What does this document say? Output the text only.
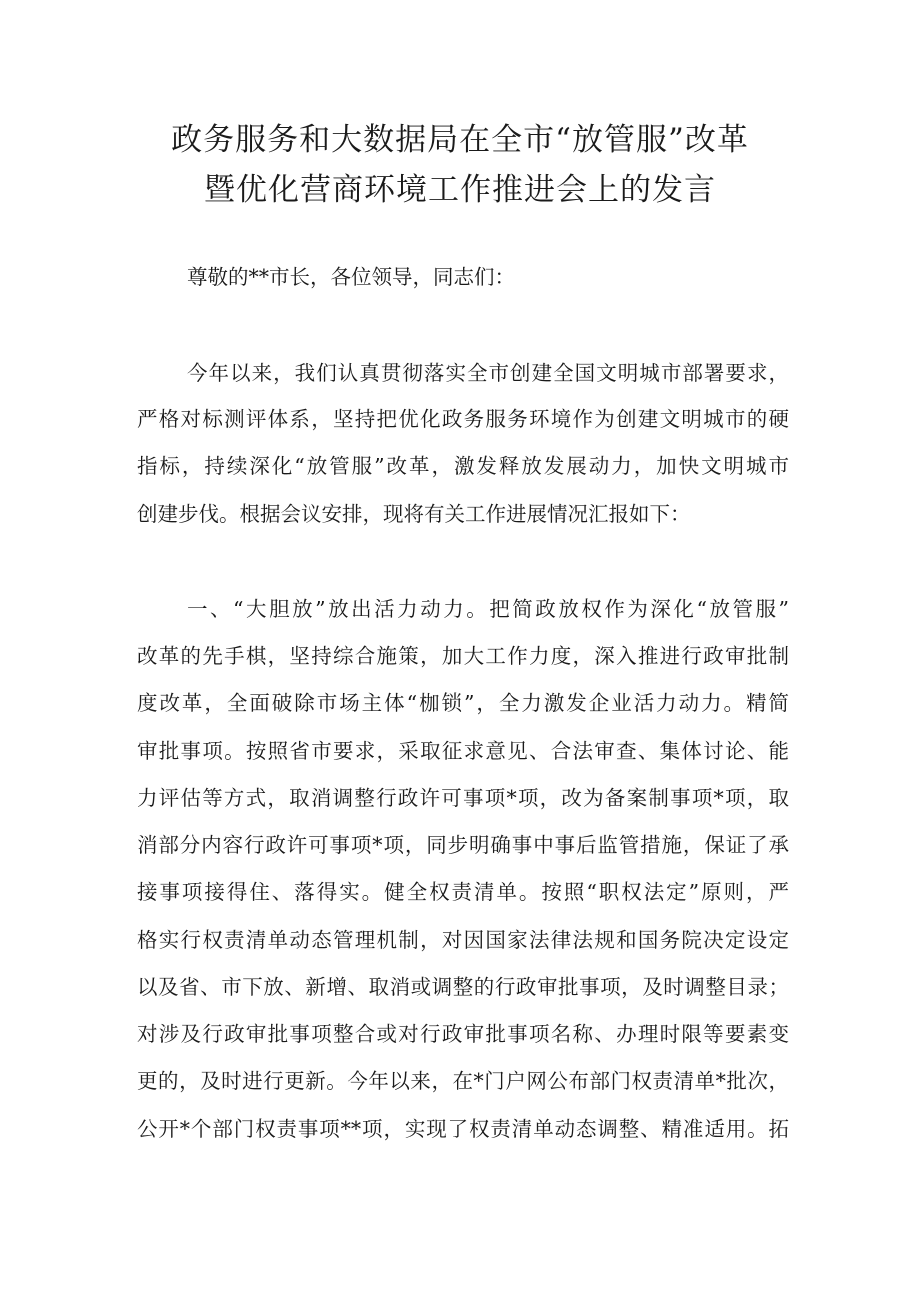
政务服务和大数据局在全市“放管服”改革
暨优化营商环境工作推进会上的发言

尊敬的**市长，各位领导，同志们：

今年以来，我们认真贯彻落实全市创建全国文明城市部署要求，

严格对标测评体系，坚持把优化政务服务环境作为创建文明城市的硬

指标，持续深化“放管服”改革，激发释放发展动力，加快文明城市

创建步伐。根据会议安排，现将有关工作进展情况汇报如下：

一、“大胆放”放出活力动力。把简政放权作为深化“放管服”

改革的先手棋，坚持综合施策，加大工作力度，深入推进行政审批制

度改革，全面破除市场主体“枷锁”，全力激发企业活力动力。精简

审批事项。按照省市要求，采取征求意见、合法审查、集体讨论、能

力评估等方式，取消调整行政许可事项*项，改为备案制事项*项，取

消部分内容行政许可事项*项，同步明确事中事后监管措施，保证了承

接事项接得住、落得实。健全权责清单。按照“职权法定”原则，严

格实行权责清单动态管理机制，对因国家法律法规和国务院决定设定

以及省、市下放、新增、取消或调整的行政审批事项，及时调整目录；

对涉及行政审批事项整合或对行政审批事项名称、办理时限等要素变

更的，及时进行更新。今年以来，在*门户网公布部门权责清单*批次，

公开*个部门权责事项**项，实现了权责清单动态调整、精准适用。拓
